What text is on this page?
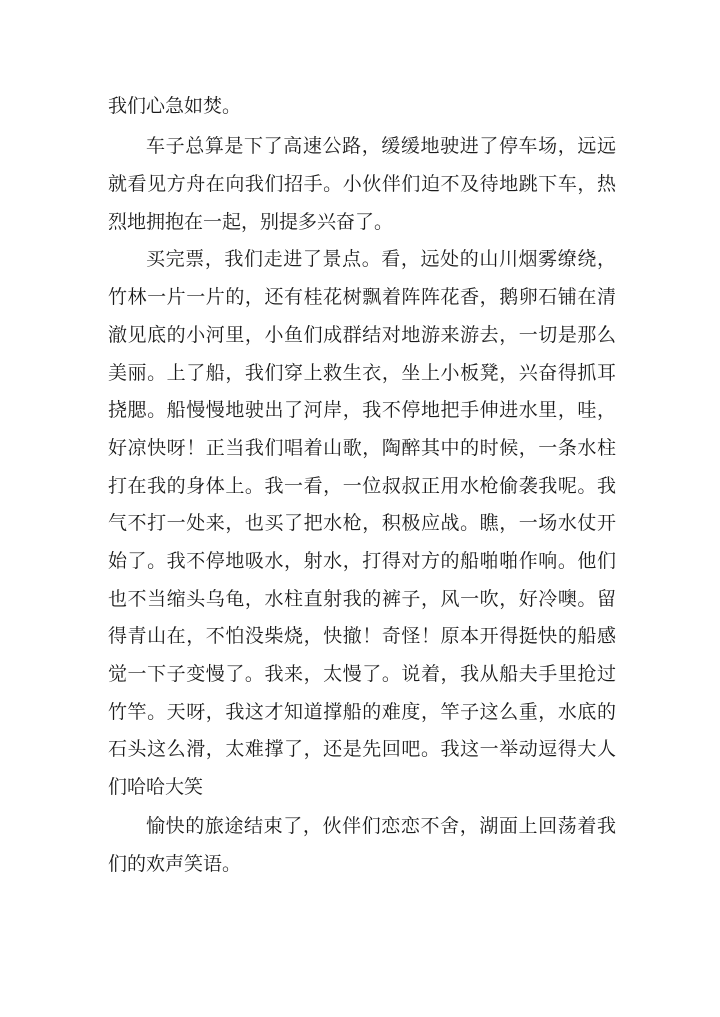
我们心急如焚。
车子总算是下了高速公路，缓缓地驶进了停车场，远远
就看见方舟在向我们招手。小伙伴们迫不及待地跳下车，热
烈地拥抱在一起，别提多兴奋了。
买完票，我们走进了景点。看，远处的山川烟雾缭绕，
竹林一片一片的，还有桂花树飘着阵阵花香，鹅卵石铺在清
澈见底的小河里，小鱼们成群结对地游来游去，一切是那么
美丽。上了船，我们穿上救生衣，坐上小板凳，兴奋得抓耳
挠腮。船慢慢地驶出了河岸，我不停地把手伸进水里，哇，
好凉快呀！正当我们唱着山歌，陶醉其中的时候，一条水柱
打在我的身体上。我一看，一位叔叔正用水枪偷袭我呢。我
气不打一处来，也买了把水枪，积极应战。瞧，一场水仗开
始了。我不停地吸水，射水，打得对方的船啪啪作响。他们
也不当缩头乌龟，水柱直射我的裤子，风一吹，好冷噢。留
得青山在，不怕没柴烧，快撤！奇怪！原本开得挺快的船感
觉一下子变慢了。我来，太慢了。说着，我从船夫手里抢过
竹竿。天呀，我这才知道撑船的难度，竿子这么重，水底的
石头这么滑，太难撑了，还是先回吧。我这一举动逗得大人
们哈哈大笑
愉快的旅途结束了，伙伴们恋恋不舍，湖面上回荡着我
们的欢声笑语。
